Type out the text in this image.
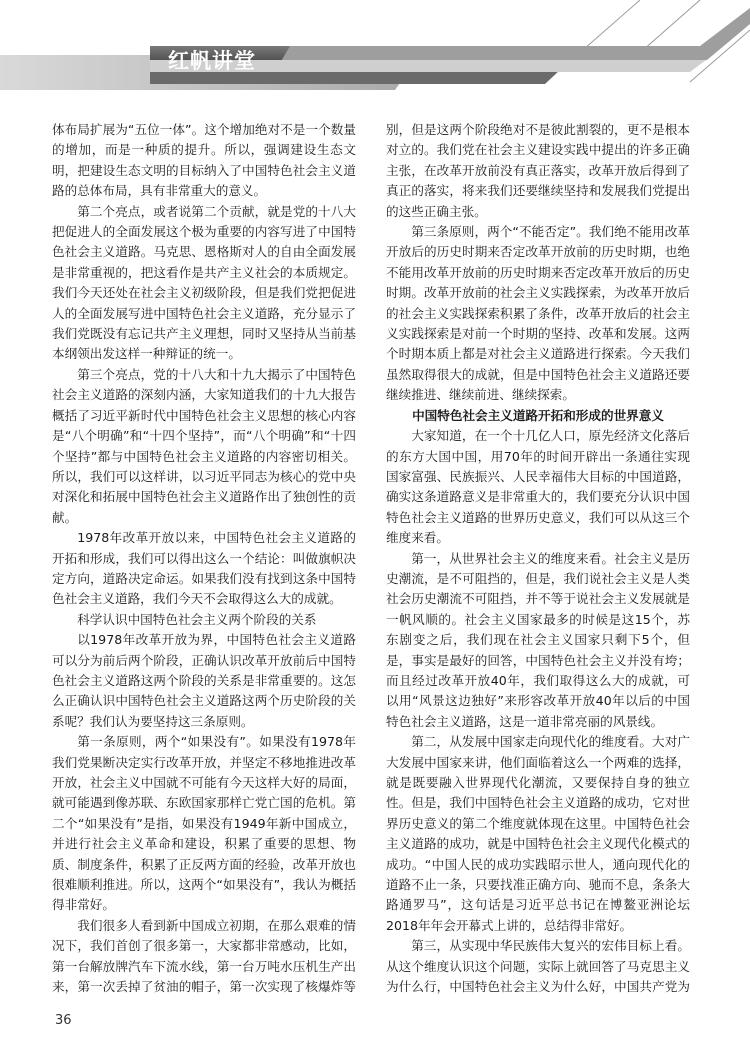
红帆讲堂

体布局扩展为“五位一体”。这个增加绝对不是一个数量的增加，而是一种质的提升。所以，强调建设生态文明，把建设生态文明的目标纳入了中国特色社会主义道路的总体布局，具有非常重大的意义。

第二个亮点，或者说第二个贡献，就是党的十八大把促进人的全面发展这个极为重要的内容写进了中国特色社会主义道路。马克思、恩格斯对人的自由全面发展是非常重视的，把这看作是共产主义社会的本质规定。我们今天还处在社会主义初级阶段，但是我们党把促进人的全面发展写进中国特色社会主义道路，充分显示了我们党既没有忘记共产主义理想，同时又坚持从当前基本纲领出发这样一种辩证的统一。

第三个亮点，党的十八大和十九大揭示了中国特色社会主义道路的深刻内涵，大家知道我们的十九大报告概括了习近平新时代中国特色社会主义思想的核心内容是“八个明确”和“十四个坚持”，而“八个明确”和“十四个坚持”都与中国特色社会主义道路的内容密切相关。所以，我们可以这样讲，以习近平同志为核心的党中央对深化和拓展中国特色社会主义道路作出了独创性的贡献。

1978年改革开放以来，中国特色社会主义道路的开拓和形成，我们可以得出这么一个结论：叫做旗帜决定方向，道路决定命运。如果我们没有找到这条中国特色社会主义道路，我们今天不会取得这么大的成就。

科学认识中国特色社会主义两个阶段的关系

以1978年改革开放为界，中国特色社会主义道路可以分为前后两个阶段，正确认识改革开放前后中国特色社会主义道路这两个阶段的关系是非常重要的。这怎么正确认识中国特色社会主义道路这两个历史阶段的关系呢？我们认为要坚持这三条原则。

第一条原则，两个“如果没有”。如果没有1978年我们党果断决定实行改革开放，并坚定不移地推进改革开放，社会主义中国就不可能有今天这样大好的局面，就可能遇到像苏联、东欧国家那样亡党亡国的危机。第二个“如果没有”是指，如果没有1949年新中国成立，并进行社会主义革命和建设，积累了重要的思想、物质、制度条件，积累了正反两方面的经验，改革开放也很难顺利推进。所以，这两个“如果没有”，我认为概括得非常好。

我们很多人看到新中国成立初期，在那么艰难的情况下，我们首创了很多第一，大家都非常感动，比如，第一台解放牌汽车下流水线，第一台万吨水压机生产出来，第一次丢掉了贫油的帽子，第一次实现了核爆炸等

别，但是这两个阶段绝对不是彼此割裂的，更不是根本对立的。我们党在社会主义建设实践中提出的许多正确主张，在改革开放前没有真正落实，改革开放后得到了真正的落实，将来我们还要继续坚持和发展我们党提出的这些正确主张。

第三条原则，两个“不能否定”。我们绝不能用改革开放后的历史时期来否定改革开放前的历史时期，也绝不能用改革开放前的历史时期来否定改革开放后的历史时期。改革开放前的社会主义实践探索，为改革开放后的社会主义实践探索积累了条件，改革开放后的社会主义实践探索是对前一个时期的坚持、改革和发展。这两个时期本质上都是对社会主义道路进行探索。今天我们虽然取得很大的成就，但是中国特色社会主义道路还要继续推进、继续前进、继续探索。

中国特色社会主义道路开拓和形成的世界意义

大家知道，在一个十几亿人口，原先经济文化落后的东方大国中国，用70年的时间开辟出一条通往实现国家富强、民族振兴、人民幸福伟大目标的中国道路，确实这条道路意义是非常重大的，我们要充分认识中国特色社会主义道路的世界历史意义，我们可以从这三个维度来看。

第一，从世界社会主义的维度来看。社会主义是历史潮流，是不可阻挡的，但是，我们说社会主义是人类社会历史潮流不可阻挡，并不等于说社会主义发展就是一帆风顺的。社会主义国家最多的时候是这15个，苏东剧变之后，我们现在社会主义国家只剩下5个，但是，事实是最好的回答，中国特色社会主义并没有垮；而且经过改革开放40年，我们取得这么大的成就，可以用“风景这边独好”来形容改革开放40年以后的中国特色社会主义道路，这是一道非常亮丽的风景线。

第二，从发展中国家走向现代化的维度看。大对广大发展中国家来讲，他们面临着这么一个两难的选择，就是既要融入世界现代化潮流，又要保持自身的独立性。但是，我们中国特色社会主义道路的成功，它对世界历史意义的第二个维度就体现在这里。中国特色社会主义道路的成功，就是中国特色社会主义现代化模式的成功。“中国人民的成功实践昭示世人，通向现代化的道路不止一条，只要找准正确方向、驰而不息，条条大路通罗马”，这句话是习近平总书记在博鳌亚洲论坛2018年年会开幕式上讲的，总结得非常好。

第三，从实现中华民族伟大复兴的宏伟目标上看。从这个维度认识这个问题，实际上就回答了马克思主义为什么行，中国特色社会主义为什么好，中国共产党为

36
